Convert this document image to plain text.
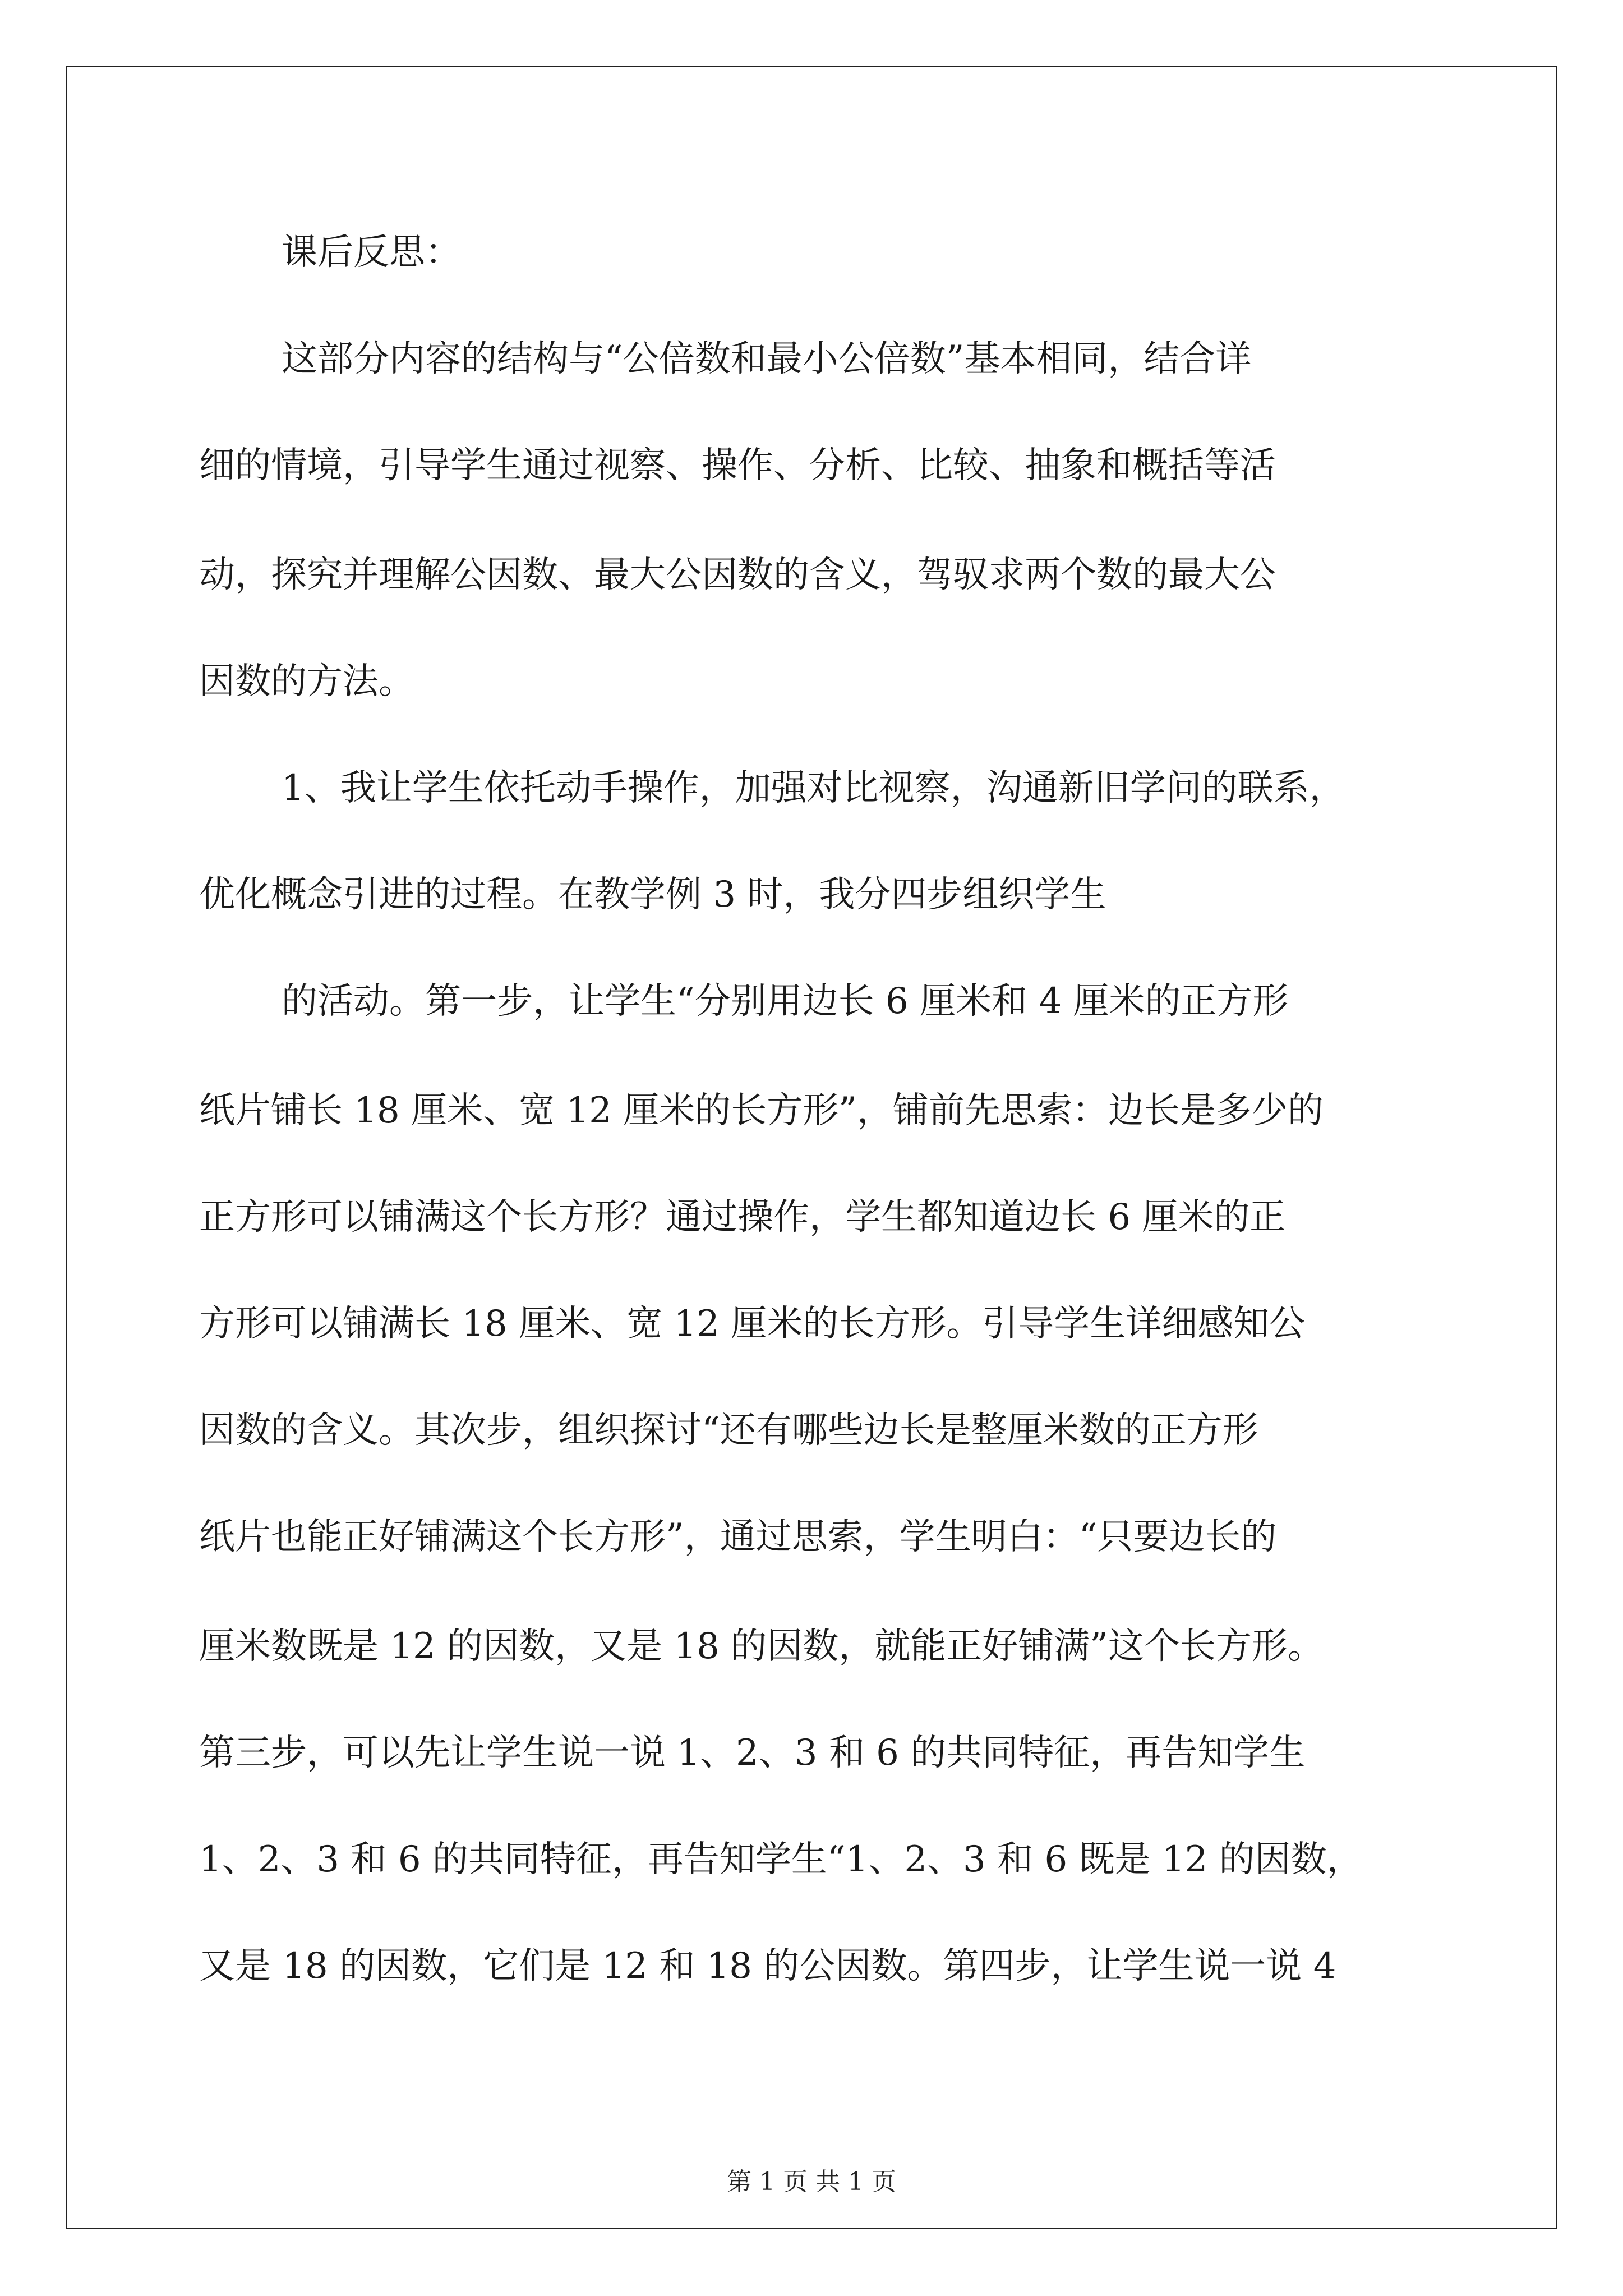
课后反思：
这部分内容的结构与“公倍数和最小公倍数”基本相同，结合详
细的情境，引导学生通过视察、操作、分析、比较、抽象和概括等活
动，探究并理解公因数、最大公因数的含义，驾驭求两个数的最大公
因数的方法。
1、我让学生依托动手操作，加强对比视察，沟通新旧学问的联系，
优化概念引进的过程。在教学例 3 时，我分四步组织学生
的活动。第一步，让学生“分别用边长 6 厘米和 4 厘米的正方形
纸片铺长 18 厘米、宽 12 厘米的长方形”，铺前先思索：边长是多少的
正方形可以铺满这个长方形？通过操作，学生都知道边长 6 厘米的正
方形可以铺满长 18 厘米、宽 12 厘米的长方形。引导学生详细感知公
因数的含义。其次步，组织探讨“还有哪些边长是整厘米数的正方形
纸片也能正好铺满这个长方形”，通过思索，学生明白：“只要边长的
厘米数既是 12 的因数，又是 18 的因数，就能正好铺满”这个长方形。
第三步，可以先让学生说一说 1、2、3 和 6 的共同特征，再告知学生
1、2、3 和 6 的共同特征，再告知学生“1、2、3 和 6 既是 12 的因数，
又是 18 的因数，它们是 12 和 18 的公因数。第四步，让学生说一说 4
第 1 页 共 1 页
